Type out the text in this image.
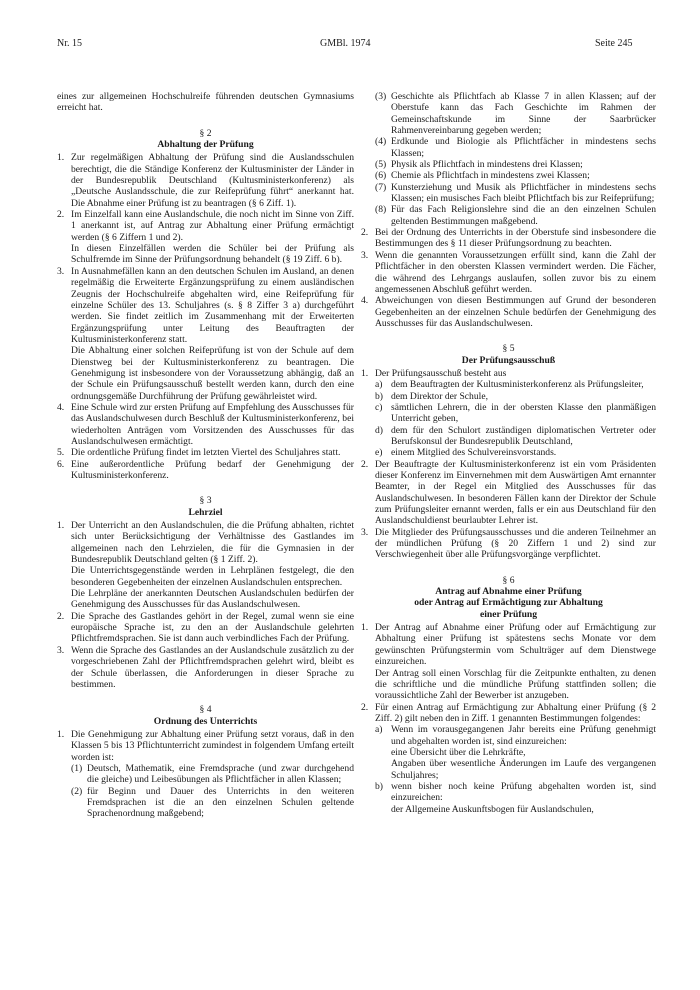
Nr. 15	GMBl. 1974	Seite 245

eines zur allgemeinen Hochschulreife führenden deutschen Gymnasiums erreicht hat.

§ 2
Abhaltung der Prüfung
1. Zur regelmäßigen Abhaltung der Prüfung sind die Auslandsschulen berechtigt, die die Ständige Konferenz der Kultusminister der Länder in der Bundesrepublik Deutschland (Kultusministerkonferenz) als „Deutsche Auslandsschule, die zur Reifeprüfung führt“ anerkannt hat. Die Abnahme einer Prüfung ist zu beantragen (§ 6 Ziff. 1).
2. Im Einzelfall kann eine Auslandschule, die noch nicht im Sinne von Ziff. 1 anerkannt ist, auf Antrag zur Abhaltung einer Prüfung ermächtigt werden (§ 6 Ziffern 1 und 2).
In diesen Einzelfällen werden die Schüler bei der Prüfung als Schulfremde im Sinne der Prüfungsordnung behandelt (§ 19 Ziff. 6 b).
3. In Ausnahmefällen kann an den deutschen Schulen im Ausland, an denen regelmäßig die Erweiterte Ergänzungsprüfung zu einem ausländischen Zeugnis der Hochschulreife abgehalten wird, eine Reifeprüfung für einzelne Schüler des 13. Schuljahres (s. § 8 Ziffer 3 a) durchgeführt werden. Sie findet zeitlich im Zusammenhang mit der Erweiterten Ergänzungsprüfung unter Leitung des Beauftragten der Kultusministerkonferenz statt.
Die Abhaltung einer solchen Reifeprüfung ist von der Schule auf dem Dienstweg bei der Kultusministerkonferenz zu beantragen. Die Genehmigung ist insbesondere von der Voraussetzung abhängig, daß an der Schule ein Prüfungsausschuß bestellt werden kann, durch den eine ordnungsgemäße Durchführung der Prüfung gewährleistet wird.
4. Eine Schule wird zur ersten Prüfung auf Empfehlung des Ausschusses für das Auslandschulwesen durch Beschluß der Kultusministerkonferenz, bei wiederholten Anträgen vom Vorsitzenden des Ausschusses für das Auslandschulwesen ermächtigt.
5. Die ordentliche Prüfung findet im letzten Viertel des Schuljahres statt.
6. Eine außerordentliche Prüfung bedarf der Genehmigung der Kultusministerkonferenz.
§ 3
Lehrziel
1. Der Unterricht an den Auslandschulen, die die Prüfung abhalten, richtet sich unter Berücksichtigung der Verhältnisse des Gastlandes im allgemeinen nach den Lehrzielen, die für die Gymnasien in der Bundesrepublik Deutschland gelten (§ 1 Ziff. 2).
Die Unterrichtsgegenstände werden in Lehrplänen festgelegt, die den besonderen Gegebenheiten der einzelnen Auslandschulen entsprechen.
Die Lehrpläne der anerkannten Deutschen Auslandschulen bedürfen der Genehmigung des Ausschusses für das Auslandschulwesen.
2. Die Sprache des Gastlandes gehört in der Regel, zumal wenn sie eine europäische Sprache ist, zu den an der Auslandschule gelehrten Pflichtfremdsprachen. Sie ist dann auch verbindliches Fach der Prüfung.
3. Wenn die Sprache des Gastlandes an der Auslandschule zusätzlich zu der vorgeschriebenen Zahl der Pflichtfremdsprachen gelehrt wird, bleibt es der Schule überlassen, die Anforderungen in dieser Sprache zu bestimmen.
§ 4
Ordnung des Unterrichts
1. Die Genehmigung zur Abhaltung einer Prüfung setzt voraus, daß in den Klassen 5 bis 13 Pflichtunterricht zumindest in folgendem Umfang erteilt worden ist:
(1) Deutsch, Mathematik, eine Fremdsprache (und zwar durchgehend die gleiche) und Leibesübungen als Pflichtfächer in allen Klassen;
(2) für Beginn und Dauer des Unterrichts in den weiteren Fremdsprachen ist die an den einzelnen Schulen geltende Sprachenordnung maßgebend;
(3) Geschichte als Pflichtfach ab Klasse 7 in allen Klassen; auf der Oberstufe kann das Fach Geschichte im Rahmen der Gemeinschaftskunde im Sinne der Saarbrücker Rahmenvereinbarung gegeben werden;
(4) Erdkunde und Biologie als Pflichtfächer in mindestens sechs Klassen;
(5) Physik als Pflichtfach in mindestens drei Klassen;
(6) Chemie als Pflichtfach in mindestens zwei Klassen;
(7) Kunsterziehung und Musik als Pflichtfächer in mindestens sechs Klassen; ein musisches Fach bleibt Pflichtfach bis zur Reifeprüfung;
(8) Für das Fach Religionslehre sind die an den einzelnen Schulen geltenden Bestimmungen maßgebend.
2. Bei der Ordnung des Unterrichts in der Oberstufe sind insbesondere die Bestimmungen des § 11 dieser Prüfungsordnung zu beachten.
3. Wenn die genannten Voraussetzungen erfüllt sind, kann die Zahl der Pflichtfächer in den obersten Klassen vermindert werden. Die Fächer, die während des Lehrgangs auslaufen, sollen zuvor bis zu einem angemessenen Abschluß geführt werden.
4. Abweichungen von diesen Bestimmungen auf Grund der besonderen Gegebenheiten an der einzelnen Schule bedürfen der Genehmigung des Ausschusses für das Auslandschulwesen.
§ 5
Der Prüfungsausschuß
1. Der Prüfungsausschuß besteht aus
a) dem Beauftragten der Kultusministerkonferenz als Prüfungsleiter,
b) dem Direktor der Schule,
c) sämtlichen Lehrern, die in der obersten Klasse den planmäßigen Unterricht geben,
d) dem für den Schulort zuständigen diplomatischen Vertreter oder Berufskonsul der Bundesrepublik Deutschland,
e) einem Mitglied des Schulvereinsvorstands.
2. Der Beauftragte der Kultusministerkonferenz ist ein vom Präsidenten dieser Konferenz im Einvernehmen mit dem Auswärtigen Amt ernannter Beamter, in der Regel ein Mitglied des Ausschusses für das Auslandschulwesen. In besonderen Fällen kann der Direktor der Schule zum Prüfungsleiter ernannt werden, falls er ein aus Deutschland für den Auslandschuldienst beurlaubter Lehrer ist.
3. Die Mitglieder des Prüfungsausschusses und die anderen Teilnehmer an der mündlichen Prüfung (§ 20 Ziffern 1 und 2) sind zur Verschwiegenheit über alle Prüfungsvorgänge verpflichtet.
§ 6
Antrag auf Abnahme einer Prüfung
oder Antrag auf Ermächtigung zur Abhaltung
einer Prüfung
1. Der Antrag auf Abnahme einer Prüfung oder auf Ermächtigung zur Abhaltung einer Prüfung ist spätestens sechs Monate vor dem gewünschten Prüfungstermin vom Schulträger auf dem Dienstwege einzureichen.
Der Antrag soll einen Vorschlag für die Zeitpunkte enthalten, zu denen die schriftliche und die mündliche Prüfung stattfinden sollen; die voraussichtliche Zahl der Bewerber ist anzugeben.
2. Für einen Antrag auf Ermächtigung zur Abhaltung einer Prüfung (§ 2 Ziff. 2) gilt neben den in Ziff. 1 genannten Bestimmungen folgendes:
a) Wenn im vorausgegangenen Jahr bereits eine Prüfung genehmigt und abgehalten worden ist, sind einzureichen:
eine Übersicht über die Lehrkräfte,
Angaben über wesentliche Änderungen im Laufe des vergangenen Schuljahres;
b) wenn bisher noch keine Prüfung abgehalten worden ist, sind einzureichen:
der Allgemeine Auskunftsbogen für Auslandschulen,
